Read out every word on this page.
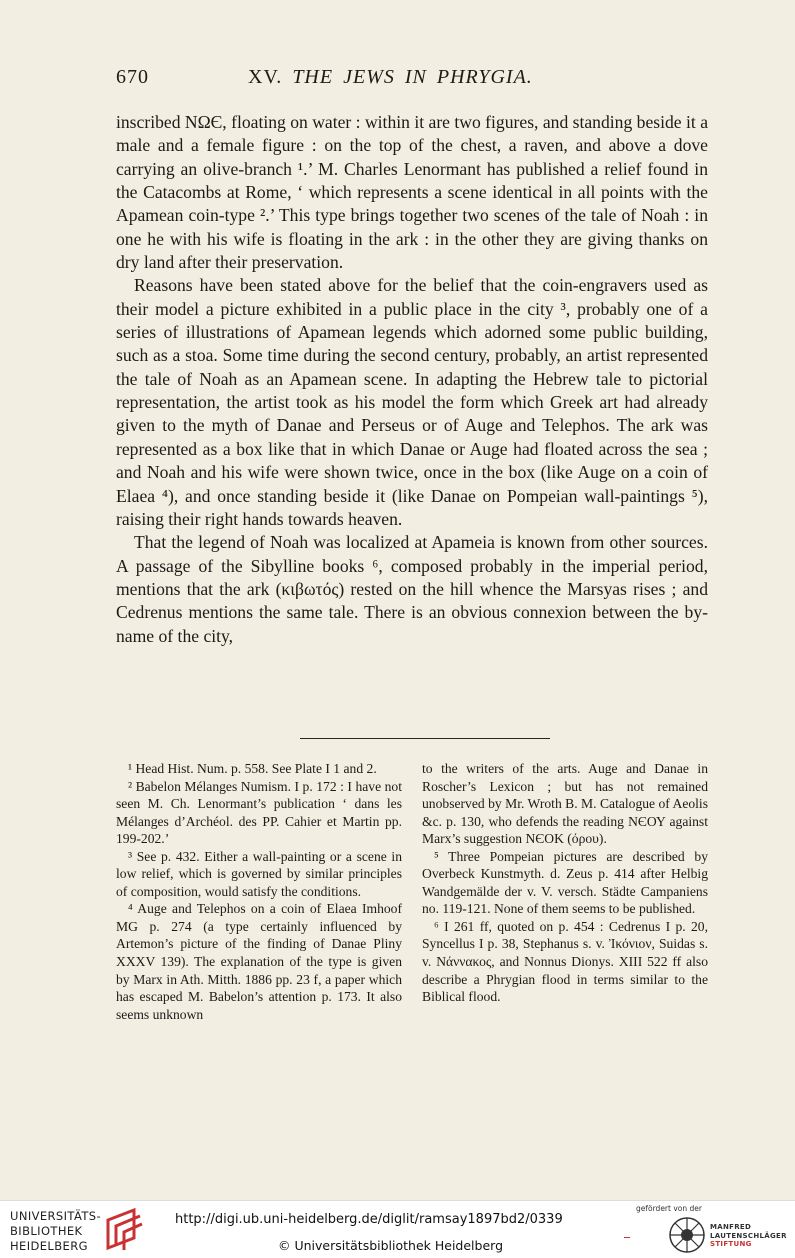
670	XV. THE JEWS IN PHRYGIA.

inscribed ΝΩЄ, floating on water : within it are two figures, and standing beside it a male and a female figure : on the top of the chest, a raven, and above a dove carrying an olive-branch ¹.’ M. Charles Lenormant has published a relief found in the Catacombs at Rome, ‘ which represents a scene identical in all points with the Apamean coin-type ².’ This type brings together two scenes of the tale of Noah : in one he with his wife is floating in the ark : in the other they are giving thanks on dry land after their preservation.

Reasons have been stated above for the belief that the coin-engravers used as their model a picture exhibited in a public place in the city ³, probably one of a series of illustrations of Apamean legends which adorned some public building, such as a stoa. Some time during the second century, probably, an artist represented the tale of Noah as an Apamean scene. In adapting the Hebrew tale to pictorial representation, the artist took as his model the form which Greek art had already given to the myth of Danae and Perseus or of Auge and Telephos. The ark was represented as a box like that in which Danae or Auge had floated across the sea ; and Noah and his wife were shown twice, once in the box (like Auge on a coin of Elaea ⁴), and once standing beside it (like Danae on Pompeian wall-paintings ⁵), raising their right hands towards heaven.

That the legend of Noah was localized at Apameia is known from other sources. A passage of the Sibylline books ⁶, composed probably in the imperial period, mentions that the ark (κιβωτός) rested on the hill whence the Marsyas rises ; and Cedrenus mentions the same tale. There is an obvious connexion between the by-name of the city,

¹ Head Hist. Num. p. 558. See Plate I 1 and 2.

² Babelon Mélanges Numism. I p. 172 : I have not seen M. Ch. Lenormant’s publication ‘ dans les Mélanges d’Archéol. des PP. Cahier et Martin pp. 199-202.’

³ See p. 432. Either a wall-painting or a scene in low relief, which is governed by similar principles of composition, would satisfy the conditions.

⁴ Auge and Telephos on a coin of Elaea Imhoof MG p. 274 (a type certainly influenced by Artemon’s picture of the finding of Danae Pliny XXXV 139). The explanation of the type is given by Marx in Ath. Mitth. 1886 pp. 23 f, a paper which has escaped M. Babelon’s attention p. 173. It also seems unknown

to the writers of the arts. Auge and Danae in Roscher’s Lexicon ; but has not remained unobserved by Mr. Wroth B. M. Catalogue of Aeolis &c. p. 130, who defends the reading ΝЄΟΥ against Marx’s suggestion ΝЄΟΚ (όρου).

⁵ Three Pompeian pictures are described by Overbeck Kunstmyth. d. Zeus p. 414 after Helbig Wandgemälde der v. V. versch. Städte Campaniens no. 119-121. None of them seems to be published.

⁶ I 261 ff, quoted on p. 454 : Cedrenus I p. 20, Syncellus I p. 38, Stephanus s. v. Ἰκόνιον, Suidas s. v. Νάννακος, and Nonnus Dionys. XIII 522 ff also describe a Phrygian flood in terms similar to the Biblical flood.

UNIVERSITÄTS-
BIBLIOTHEK
HEIDELBERG
http://digi.ub.uni-heidelberg.de/diglit/ramsay1897bd2/0339
© Universitätsbibliothek Heidelberg
gefördert von der
MANFRED
LAUTENSCHLÄGER
STIFTUNG
